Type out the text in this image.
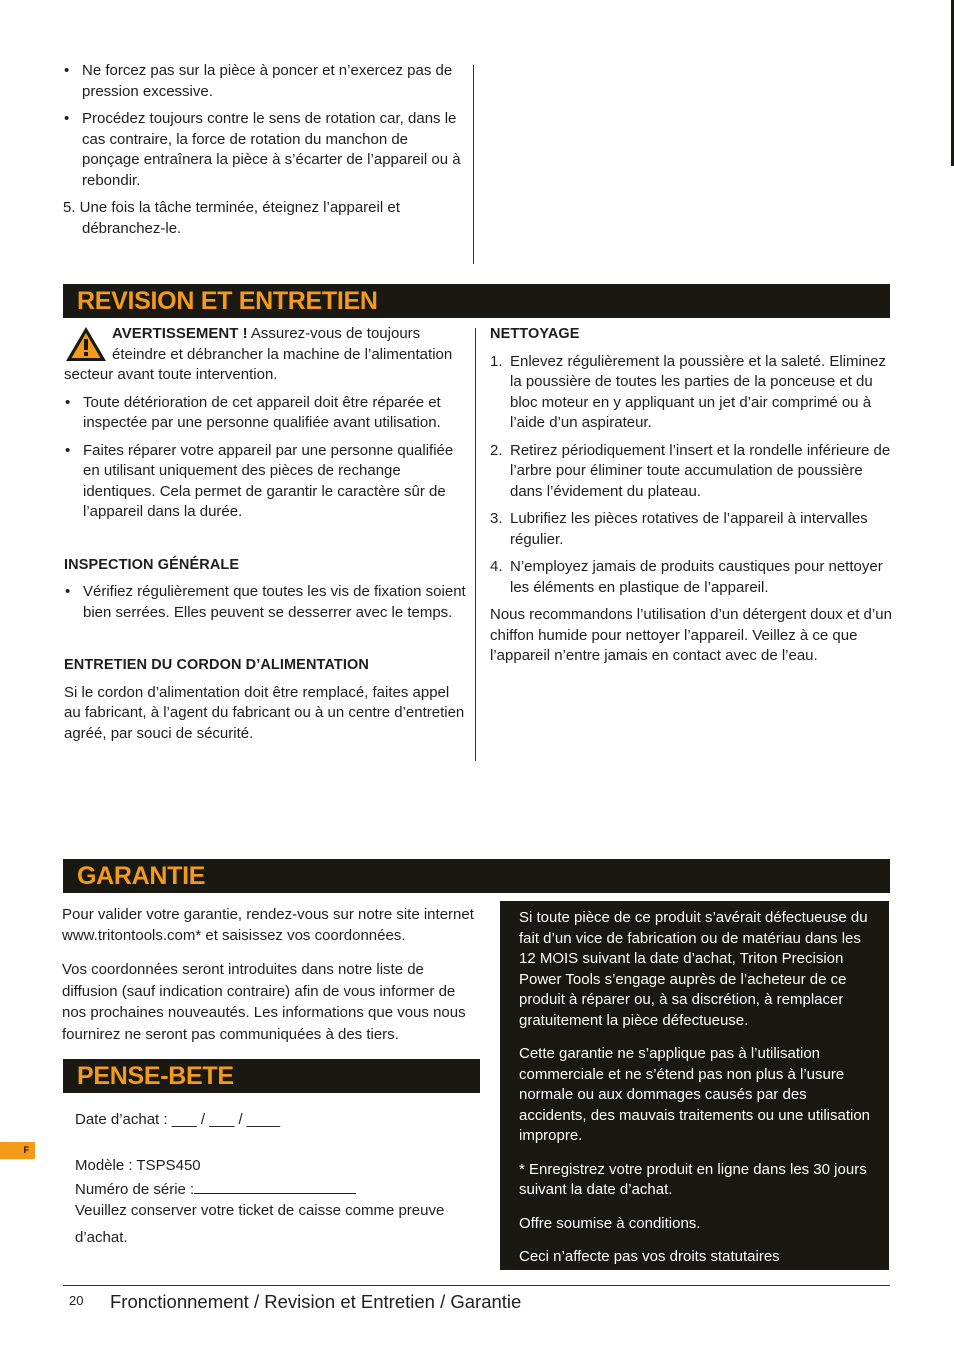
• Ne forcez pas sur la pièce à poncer et n’exercez pas de pression excessive.
• Procédez toujours contre le sens de rotation car, dans le cas contraire, la force de rotation du manchon de ponçage entraînera la pièce à s’écarter de l’appareil ou à rebondir.

5. Une fois la tâche terminée, éteignez l’appareil et débranchez-le.

REVISION ET ENTRETIEN

AVERTISSEMENT ! Assurez-vous de toujours éteindre et débrancher la machine de l’alimentation secteur avant toute intervention.

• Toute détérioration de cet appareil doit être réparée et inspectée par une personne qualifiée avant utilisation.
• Faites réparer votre appareil par une personne qualifiée en utilisant uniquement des pièces de rechange identiques. Cela permet de garantir le caractère sûr de l’appareil dans la durée.

INSPECTION GÉNÉRALE

• Vérifiez régulièrement que toutes les vis de fixation soient bien serrées. Elles peuvent se desserrer avec le temps.

ENTRETIEN DU CORDON D’ALIMENTATION

Si le cordon d’alimentation doit être remplacé, faites appel au fabricant, à l’agent du fabricant ou à un centre d’entretien agréé, par souci de sécurité.

NETTOYAGE

1. Enlevez régulièrement la poussière et la saleté. Eliminez la poussière de toutes les parties de la ponceuse et du bloc moteur en y appliquant un jet d’air comprimé ou à l’aide d’un aspirateur.
2. Retirez périodiquement l’insert et la rondelle inférieure de l’arbre pour éliminer toute accumulation de poussière dans l’évidement du plateau.
3. Lubrifiez les pièces rotatives de l’appareil à intervalles régulier.
4. N’employez jamais de produits caustiques pour nettoyer les éléments en plastique de l’appareil.

Nous recommandons l’utilisation d’un détergent doux et d’un chiffon humide pour nettoyer l’appareil. Veillez à ce que l’appareil n’entre jamais en contact avec de l’eau.

GARANTIE

Pour valider votre garantie, rendez-vous sur notre site internet www.tritontools.com* et saisissez vos coordonnées.

Vos coordonnées seront introduites dans notre liste de diffusion (sauf indication contraire) afin de vous informer de nos prochaines nouveautés. Les informations que vous nous fournirez ne seront pas communiquées à des tiers.

Si toute pièce de ce produit s’avérait défectueuse du fait d’un vice de fabrication ou de matériau dans les 12 MOIS suivant la date d’achat, Triton Precision Power Tools s’engage auprès de l’acheteur de ce produit à réparer ou, à sa discrétion, à remplacer gratuitement la pièce défectueuse.

Cette garantie ne s’applique pas à l’utilisation commerciale et ne s’étend pas non plus à l’usure normale ou aux dommages causés par des accidents, des mauvais traitements ou une utilisation impropre.

* Enregistrez votre produit en ligne dans les 30 jours suivant la date d’achat.

Offre soumise à conditions.

Ceci n’affecte pas vos droits statutaires

PENSE-BETE

Date d’achat : ___ / ___ / ____

Modèle : TSPS450

Numéro de série :

Veuillez conserver votre ticket de caisse comme preuve d’achat.

F
20 Fronctionnement / Revision et Entretien / Garantie
